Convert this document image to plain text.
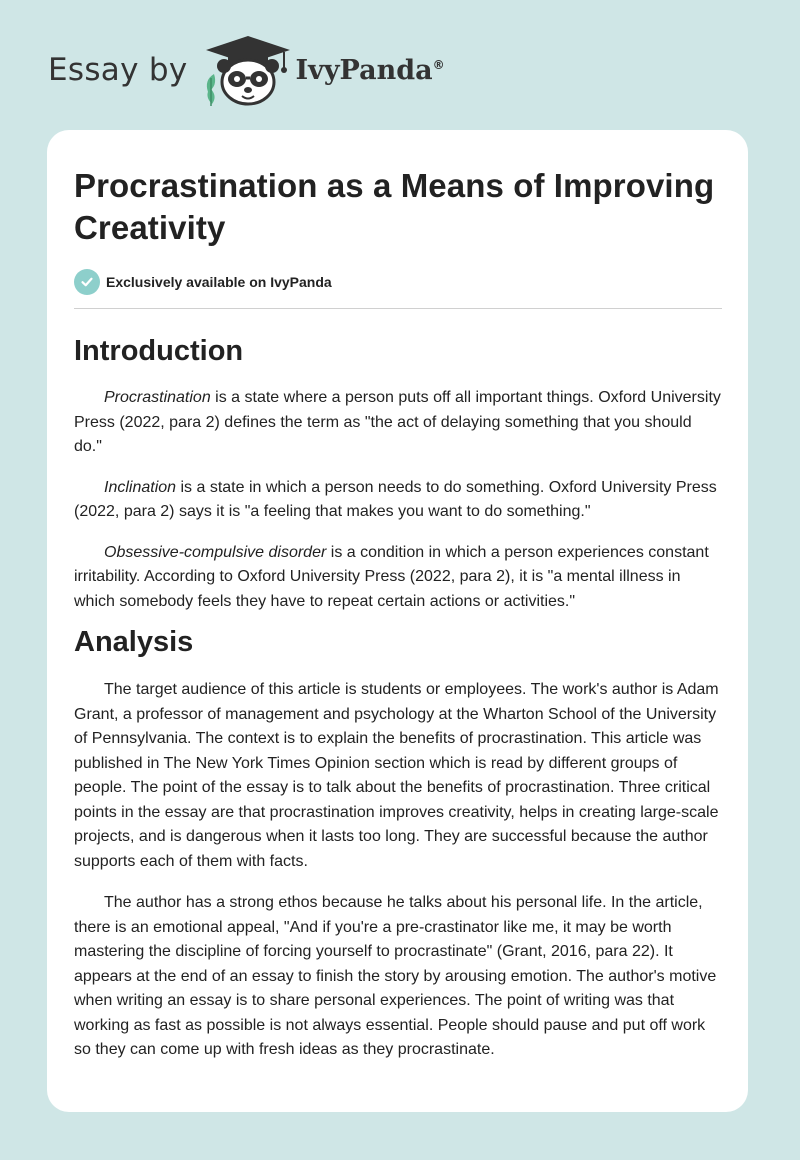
Essay by	IvyPanda®
Procrastination as a Means of Improving Creativity
Exclusively available on IvyPanda
Introduction

Procrastination is a state where a person puts off all important things. Oxford University Press (2022, para 2) defines the term as "the act of delaying something that you should do."

Inclination is a state in which a person needs to do something. Oxford University Press (2022, para 2) says it is "a feeling that makes you want to do something."

Obsessive-compulsive disorder is a condition in which a person experiences constant irritability. According to Oxford University Press (2022, para 2), it is "a mental illness in which somebody feels they have to repeat certain actions or activities."

Analysis

The target audience of this article is students or employees. The work's author is Adam Grant, a professor of management and psychology at the Wharton School of the University of Pennsylvania. The context is to explain the benefits of procrastination. This article was published in The New York Times Opinion section which is read by different groups of people. The point of the essay is to talk about the benefits of procrastination. Three critical points in the essay are that procrastination improves creativity, helps in creating large-scale projects, and is dangerous when it lasts too long. They are successful because the author supports each of them with facts.

The author has a strong ethos because he talks about his personal life. In the article, there is an emotional appeal, "And if you're a pre-crastinator like me, it may be worth mastering the discipline of forcing yourself to procrastinate" (Grant, 2016, para 22). It appears at the end of an essay to finish the story by arousing emotion. The author's motive when writing an essay is to share personal experiences. The point of writing was that working as fast as possible is not always essential. People should pause and put off work so they can come up with fresh ideas as they procrastinate.
